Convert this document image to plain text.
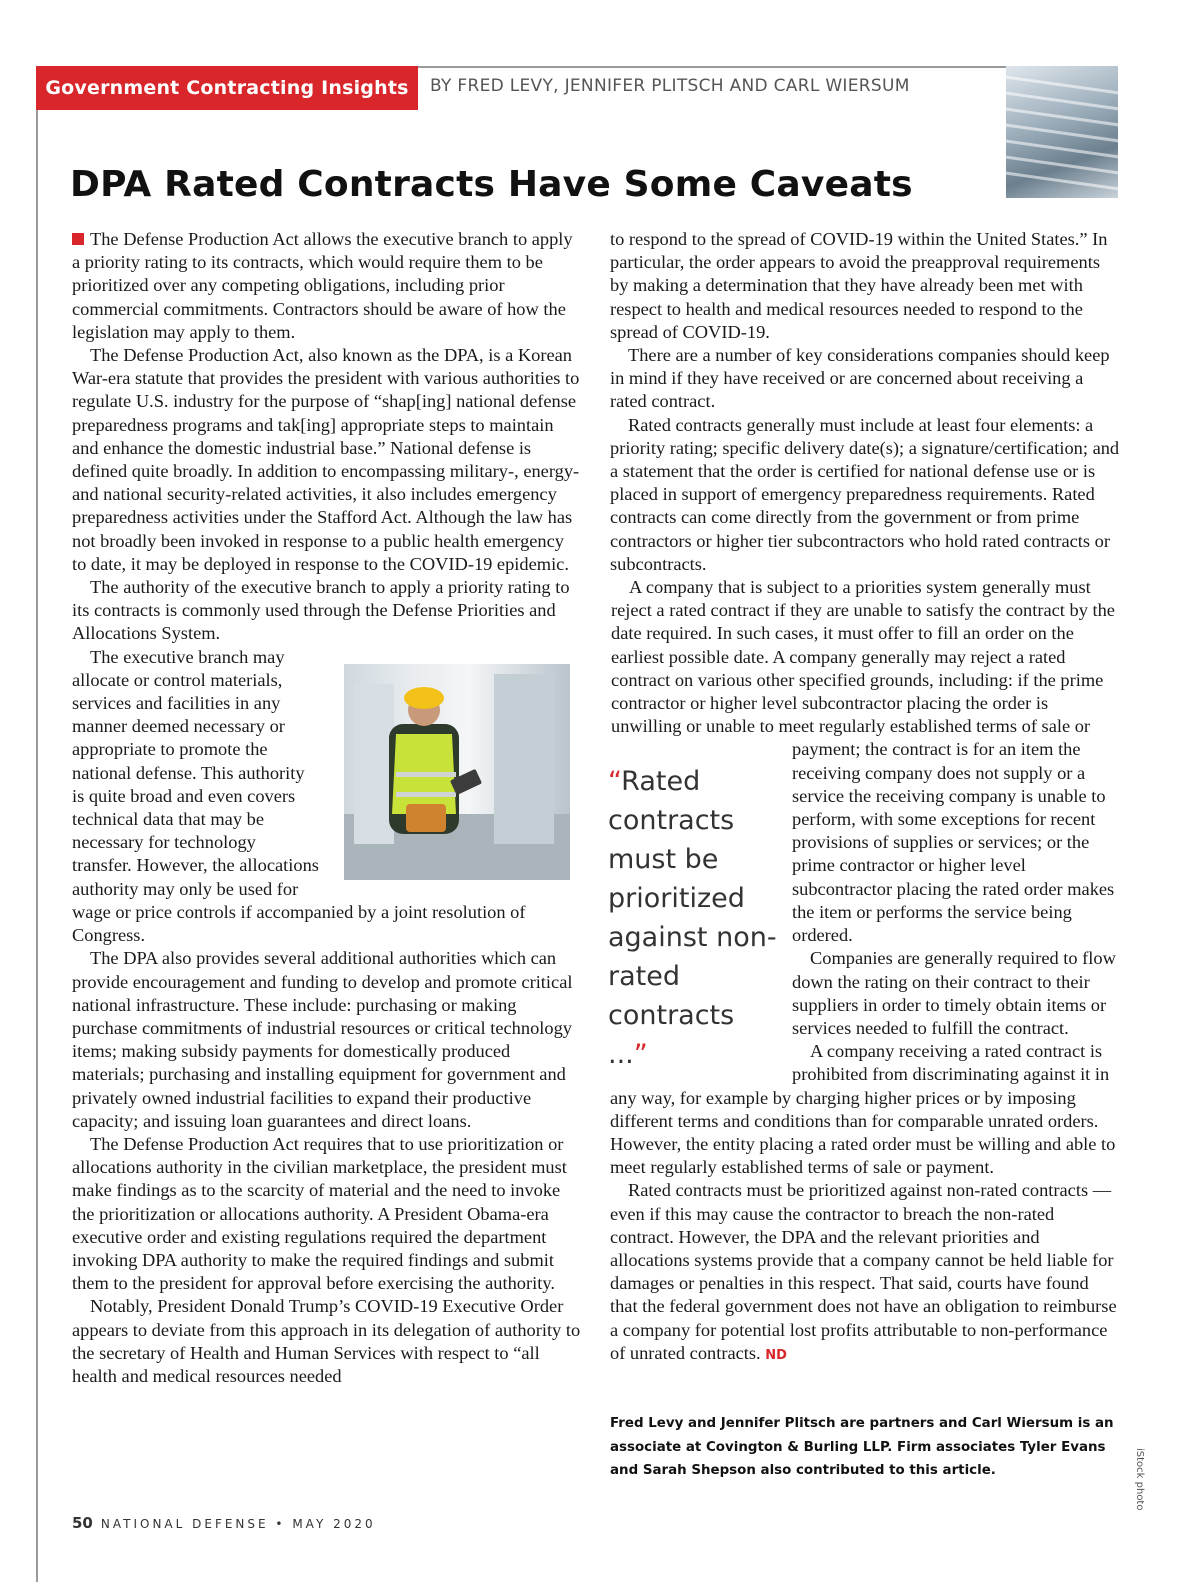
Government Contracting Insights	BY FRED LEVY, JENNIFER PLITSCH AND CARL WIERSUM
DPA Rated Contracts Have Some Caveats

The Defense Production Act allows the executive branch to apply a priority rating to its contracts, which would require them to be prioritized over any competing obligations, including prior commercial commitments. Contractors should be aware of how the legislation may apply to them.

The Defense Production Act, also known as the DPA, is a Korean War-era statute that provides the president with various authorities to regulate U.S. industry for the purpose of “shap[ing] national defense preparedness programs and tak[ing] appropriate steps to maintain and enhance the domestic industrial base.” National defense is defined quite broadly. In addition to encompassing military-, energy- and national security-related activities, it also includes emergency preparedness activities under the Stafford Act. Although the law has not broadly been invoked in response to a public health emergency to date, it may be deployed in response to the COVID-19 epidemic.

The authority of the executive branch to apply a priority rating to its contracts is commonly used through the Defense Priorities and Allocations System.

The executive branch may allocate or control materials, services and facilities in any manner deemed necessary or appropriate to promote the national defense. This authority is quite broad and even covers technical data that may be necessary for technology transfer. However, the allocations authority may only be used for wage or price controls if accompanied by a joint resolution of Congress.

The DPA also provides several additional authorities which can provide encouragement and funding to develop and promote critical national infrastructure. These include: purchasing or making purchase commitments of industrial resources or critical technology items; making subsidy payments for domestically produced materials; purchasing and installing equipment for government and privately owned industrial facilities to expand their productive capacity; and issuing loan guarantees and direct loans.

The Defense Production Act requires that to use prioritization or allocations authority in the civilian marketplace, the president must make findings as to the scarcity of material and the need to invoke the prioritization or allocations authority. A President Obama-era executive order and existing regulations required the department invoking DPA authority to make the required findings and submit them to the president for approval before exercising the authority.

Notably, President Donald Trump’s COVID-19 Executive Order appears to deviate from this approach in its delegation of authority to the secretary of Health and Human Services with respect to “all health and medical resources needed

to respond to the spread of COVID-19 within the United States.” In particular, the order appears to avoid the preapproval requirements by making a determination that they have already been met with respect to health and medical resources needed to respond to the spread of COVID-19.

There are a number of key considerations companies should keep in mind if they have received or are concerned about receiving a rated contract.

Rated contracts generally must include at least four elements: a priority rating; specific delivery date(s); a signature/certification; and a statement that the order is certified for national defense use or is placed in support of emergency preparedness requirements. Rated contracts can come directly from the government or from prime contractors or higher tier subcontractors who hold rated contracts or subcontracts.

A company that is subject to a priorities system generally must reject a rated contract if they are unable to satisfy the contract by the date required. In such cases, it must offer to fill an order on the earliest possible date. A company generally may reject a rated contract on various other specified grounds, including: if the prime contractor or higher level subcontractor placing the order is unwilling or unable to meet regularly established terms of sale or payment; the contract is for an item the receiving company does not supply or a service the receiving company is unable to perform, with some exceptions for recent provisions of supplies or services; or the prime contractor or higher level subcontractor placing the rated order makes the item or performs the service being ordered.

Companies are generally required to flow down the rating on their contract to their suppliers in order to timely obtain items or services needed to fulfill the contract.

A company receiving a rated contract is prohibited from discriminating against it in any way, for example by charging higher prices or by imposing different terms and conditions than for comparable unrated orders. However, the entity placing a rated order must be willing and able to meet regularly established terms of sale or payment.

Rated contracts must be prioritized against non-rated contracts — even if this may cause the contractor to breach the non-rated contract. However, the DPA and the relevant priorities and allocations systems provide that a company cannot be held liable for damages or penalties in this respect. That said, courts have found that the federal government does not have an obligation to reimburse a company for potential lost profits attributable to non-performance of unrated contracts. ND

“Rated contracts must be prioritized against non-rated contracts ...”
Fred Levy and Jennifer Plitsch are partners and Carl Wiersum is an associate at Covington & Burling LLP. Firm associates Tyler Evans and Sarah Shepson also contributed to this article.	iStock photo
50 NATIONAL DEFENSE • MAY 2020
